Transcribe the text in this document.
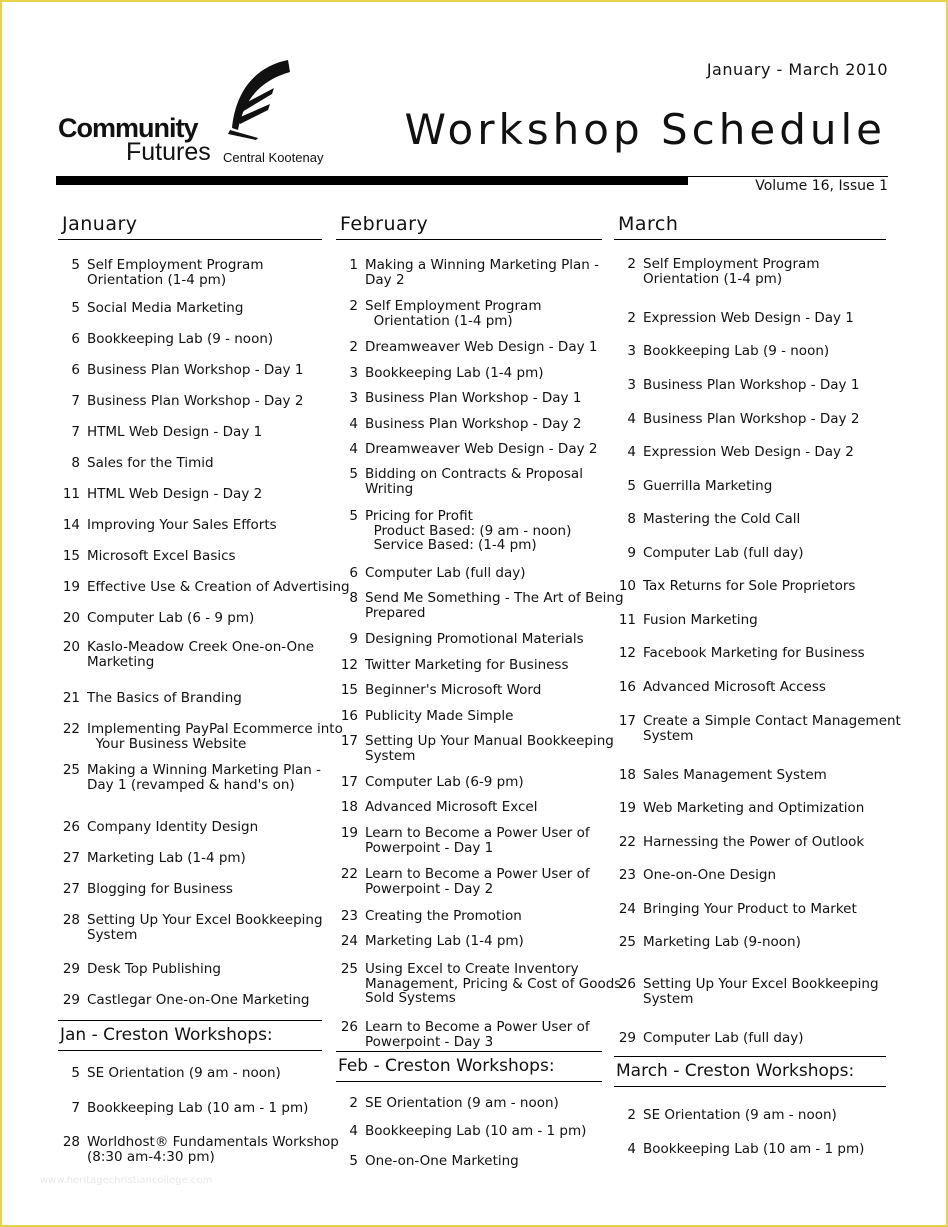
Community
Futures Central Kootenay
January - March 2010
Workshop Schedule
Volume 16, Issue 1
January
5 Self Employment Program
Orientation (1-4 pm)
5 Social Media Marketing
6 Bookkeeping Lab (9 - noon)
6 Business Plan Workshop - Day 1
7 Business Plan Workshop - Day 2
7 HTML Web Design - Day 1
8 Sales for the Timid
11 HTML Web Design - Day 2
14 Improving Your Sales Efforts
15 Microsoft Excel Basics
19 Effective Use & Creation of Advertising
20 Computer Lab (6 - 9 pm)
20 Kaslo-Meadow Creek One-on-One
Marketing
21 The Basics of Branding
22 Implementing PayPal Ecommerce into
Your Business Website
25 Making a Winning Marketing Plan -
Day 1 (revamped & hand's on)
26 Company Identity Design
27 Marketing Lab (1-4 pm)
27 Blogging for Business
28 Setting Up Your Excel Bookkeeping
System
29 Desk Top Publishing
29 Castlegar One-on-One Marketing
Jan - Creston Workshops:
5 SE Orientation (9 am - noon)
7 Bookkeeping Lab (10 am - 1 pm)
28 Worldhost® Fundamentals Workshop
(8:30 am-4:30 pm)
February
1 Making a Winning Marketing Plan -
Day 2
2 Self Employment Program
Orientation (1-4 pm)
2 Dreamweaver Web Design - Day 1
3 Bookkeeping Lab (1-4 pm)
3 Business Plan Workshop - Day 1
4 Business Plan Workshop - Day 2
4 Dreamweaver Web Design - Day 2
5 Bidding on Contracts & Proposal
Writing
5 Pricing for Profit
Product Based: (9 am - noon)
Service Based: (1-4 pm)
6 Computer Lab (full day)
8 Send Me Something - The Art of Being
Prepared
9 Designing Promotional Materials
12 Twitter Marketing for Business
15 Beginner's Microsoft Word
16 Publicity Made Simple
17 Setting Up Your Manual Bookkeeping
System
17 Computer Lab (6-9 pm)
18 Advanced Microsoft Excel
19 Learn to Become a Power User of
Powerpoint - Day 1
22 Learn to Become a Power User of
Powerpoint - Day 2
23 Creating the Promotion
24 Marketing Lab (1-4 pm)
25 Using Excel to Create Inventory
Management, Pricing & Cost of Goods
Sold Systems
26 Learn to Become a Power User of
Powerpoint - Day 3
Feb - Creston Workshops:
2 SE Orientation (9 am - noon)
4 Bookkeeping Lab (10 am - 1 pm)
5 One-on-One Marketing
March
2 Self Employment Program
Orientation (1-4 pm)
2 Expression Web Design - Day 1
3 Bookkeeping Lab (9 - noon)
3 Business Plan Workshop - Day 1
4 Business Plan Workshop - Day 2
4 Expression Web Design - Day 2
5 Guerrilla Marketing
8 Mastering the Cold Call
9 Computer Lab (full day)
10 Tax Returns for Sole Proprietors
11 Fusion Marketing
12 Facebook Marketing for Business
16 Advanced Microsoft Access
17 Create a Simple Contact Management
System
18 Sales Management System
19 Web Marketing and Optimization
22 Harnessing the Power of Outlook
23 One-on-One Design
24 Bringing Your Product to Market
25 Marketing Lab (9-noon)
26 Setting Up Your Excel Bookkeeping
System
29 Computer Lab (full day)
March - Creston Workshops:
2 SE Orientation (9 am - noon)
4 Bookkeeping Lab (10 am - 1 pm)
www.heritagechristiancollege.com
